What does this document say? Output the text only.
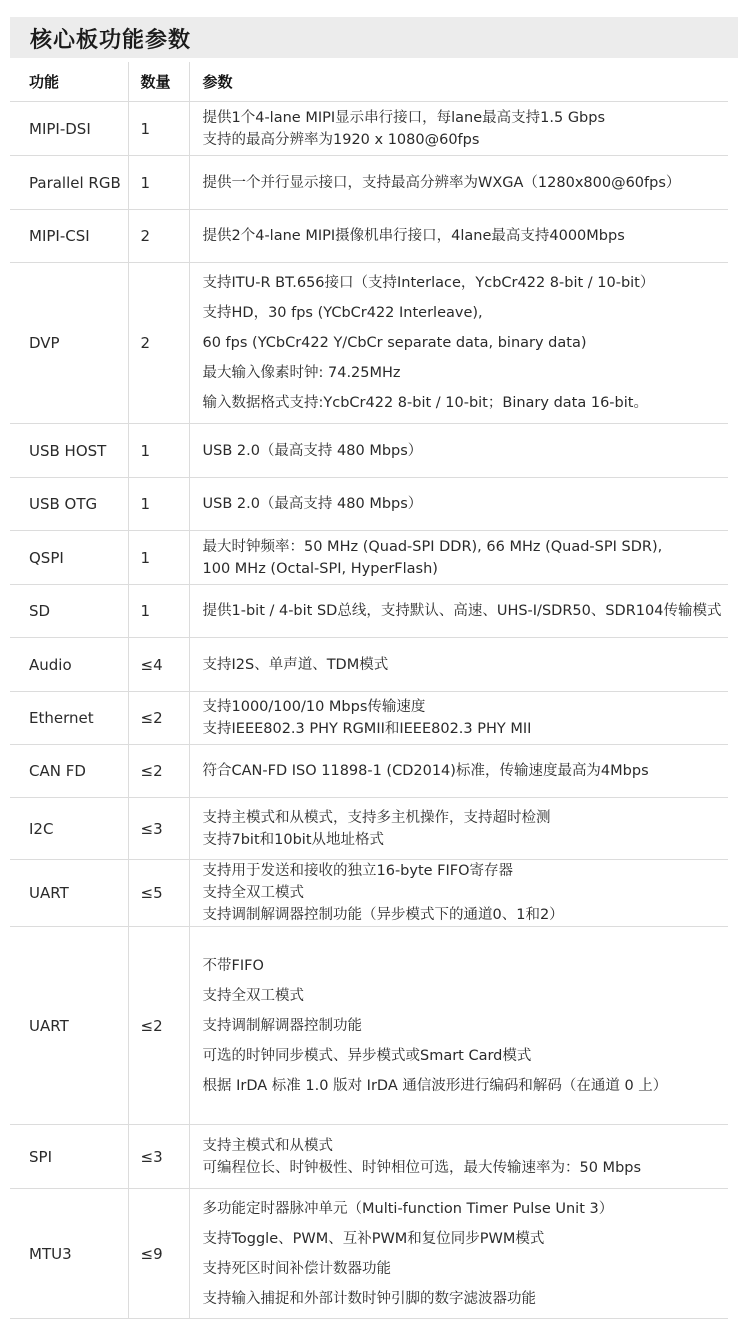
核心板功能参数
功能	数量	参数
MIPI-DSI	1	提供1个4-lane MIPI显示串行接口，每lane最高支持1.5 Gbps
支持的最高分辨率为1920 x 1080@60fps

Parallel RGB	1	提供一个并行显示接口，支持最高分辨率为WXGA（1280x800@60fps）

MIPI-CSI	2	提供2个4-lane MIPI摄像机串行接口，4lane最高支持4000Mbps

DVP	2	支持ITU-R BT.656接口（支持Interlace，YcbCr422 8-bit / 10-bit）
支持HD，30 fps (YCbCr422 Interleave),
60 fps (YCbCr422 Y/CbCr separate data, binary data)
最大输入像素时钟: 74.25MHz
输入数据格式支持:YcbCr422 8-bit / 10-bit；Binary data 16-bit。

USB HOST	1	USB 2.0（最高支持 480 Mbps）

USB OTG	1	USB 2.0（最高支持 480 Mbps）

QSPI	1	最大时钟频率：50 MHz (Quad-SPI DDR), 66 MHz (Quad-SPI SDR),
100 MHz (Octal-SPI, HyperFlash)

SD	1	提供1-bit / 4-bit SD总线，支持默认、高速、UHS-I/SDR50、SDR104传输模式

Audio	≤4	支持I2S、单声道、TDM模式

Ethernet	≤2	支持1000/100/10 Mbps传输速度
支持IEEE802.3 PHY RGMII和IEEE802.3 PHY MII

CAN FD	≤2	符合CAN-FD ISO 11898-1 (CD2014)标准，传输速度最高为4Mbps

I2C	≤3	支持主模式和从模式，支持多主机操作，支持超时检测
支持7bit和10bit从地址格式

UART	≤5	支持用于发送和接收的独立16-byte FIFO寄存器
支持全双工模式
支持调制解调器控制功能（异步模式下的通道0、1和2）

UART	≤2	不带FIFO
支持全双工模式
支持调制解调器控制功能
可选的时钟同步模式、异步模式或Smart Card模式
根据 IrDA 标准 1.0 版对 IrDA 通信波形进行编码和解码（在通道 0 上）

SPI	≤3	支持主模式和从模式
可编程位长、时钟极性、时钟相位可选，最大传输速率为：50 Mbps

MTU3	≤9	多功能定时器脉冲单元（Multi-function Timer Pulse Unit 3）
支持Toggle、PWM、互补PWM和复位同步PWM模式
支持死区时间补偿计数器功能
支持输入捕捉和外部计数时钟引脚的数字滤波器功能
